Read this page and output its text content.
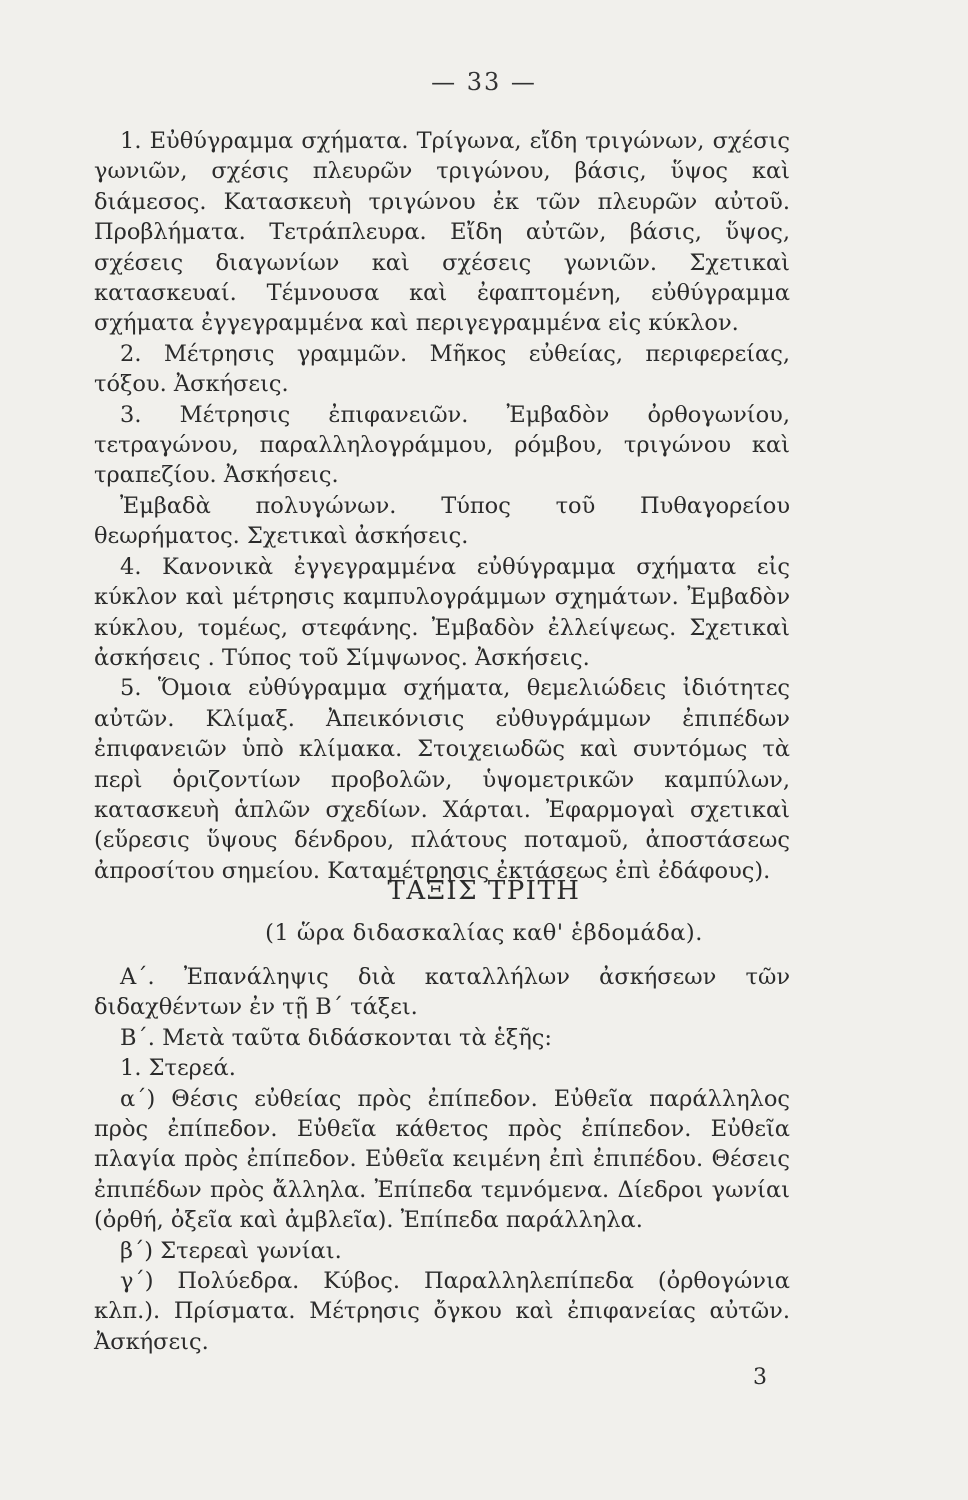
— 33 —

1. Εὐθύγραμμα σχήματα. Τρίγωνα, εἴδη τριγώνων, σχέσις γωνιῶν, σχέσις πλευρῶν τριγώνου, βάσις, ὕψος καὶ διάμεσος. Κατασκευὴ τριγώνου ἐκ τῶν πλευρῶν αὐτοῦ. Προβλήματα. Τετράπλευρα. Εἴδη αὐτῶν, βάσις, ὕψος, σχέσεις διαγωνίων καὶ σχέσεις γωνιῶν. Σχετικαὶ κατασκευαί. Τέμνουσα καὶ ἐφαπτομένη, εὐθύγραμμα σχήματα ἐγγεγραμμένα καὶ περιγεγραμμένα εἰς κύκλον.

2. Μέτρησις γραμμῶν. Μῆκος εὐθείας, περιφερείας, τόξου. Ἀσκήσεις.

3. Μέτρησις ἐπιφανειῶν. Ἐμβαδὸν ὀρθογωνίου, τετραγώνου, παραλληλογράμμου, ρόμβου, τριγώνου καὶ τραπεζίου. Ἀσκήσεις.

Ἐμβαδὰ πολυγώνων. Τύπος τοῦ Πυθαγορείου θεωρήματος. Σχετικαὶ ἀσκήσεις.

4. Κανονικὰ ἐγγεγραμμένα εὐθύγραμμα σχήματα εἰς κύκλον καὶ μέτρησις καμπυλογράμμων σχημάτων. Ἐμβαδὸν κύκλου, τομέως, στεφάνης. Ἐμβαδὸν ἐλλείψεως. Σχετικαὶ ἀσκήσεις . Τύπος τοῦ Σίμψωνος. Ἀσκήσεις.

5. Ὅμοια εὐθύγραμμα σχήματα, θεμελιώδεις ἰδιότητες αὐτῶν. Κλίμαξ. Ἀπεικόνισις εὐθυγράμμων ἐπιπέδων ἐπιφανειῶν ὑπὸ κλίμακα. Στοιχειωδῶς καὶ συντόμως τὰ περὶ ὁριζοντίων προβολῶν, ὑψομετρικῶν καμπύλων, κατασκευὴ ἁπλῶν σχεδίων. Χάρται. Ἐφαρμογαὶ σχετικαὶ (εὕρεσις ὕψους δένδρου, πλάτους ποταμοῦ, ἀποστάσεως ἀπροσίτου σημείου. Καταμέτρησις ἐκτάσεως ἐπὶ ἐδάφους).

ΤΑΞΙΣ ΤΡΙΤΗ
(1 ὥρα διδασκαλίας καθ' ἑβδομάδα).

Α΄. Ἐπανάληψις διὰ καταλλήλων ἀσκήσεων τῶν διδαχθέντων ἐν τῇ Β΄ τάξει.

Β΄. Μετὰ ταῦτα διδάσκονται τὰ ἑξῆς:

1. Στερεά.

α΄) Θέσις εὐθείας πρὸς ἐπίπεδον. Εὐθεῖα παράλληλος πρὸς ἐπίπεδον. Εὐθεῖα κάθετος πρὸς ἐπίπεδον. Εὐθεῖα πλαγία πρὸς ἐπίπεδον. Εὐθεῖα κειμένη ἐπὶ ἐπιπέδου. Θέσεις ἐπιπέδων πρὸς ἄλληλα. Ἐπίπεδα τεμνόμενα. Δίεδροι γωνίαι (ὀρθή, ὀξεῖα καὶ ἀμβλεῖα). Ἐπίπεδα παράλληλα.

β΄) Στερεαὶ γωνίαι.

γ΄) Πολύεδρα. Κύβος. Παραλληλεπίπεδα (ὀρθογώνια κλπ.). Πρίσματα. Μέτρησις ὄγκου καὶ ἐπιφανείας αὐτῶν. Ἀσκήσεις.

3
